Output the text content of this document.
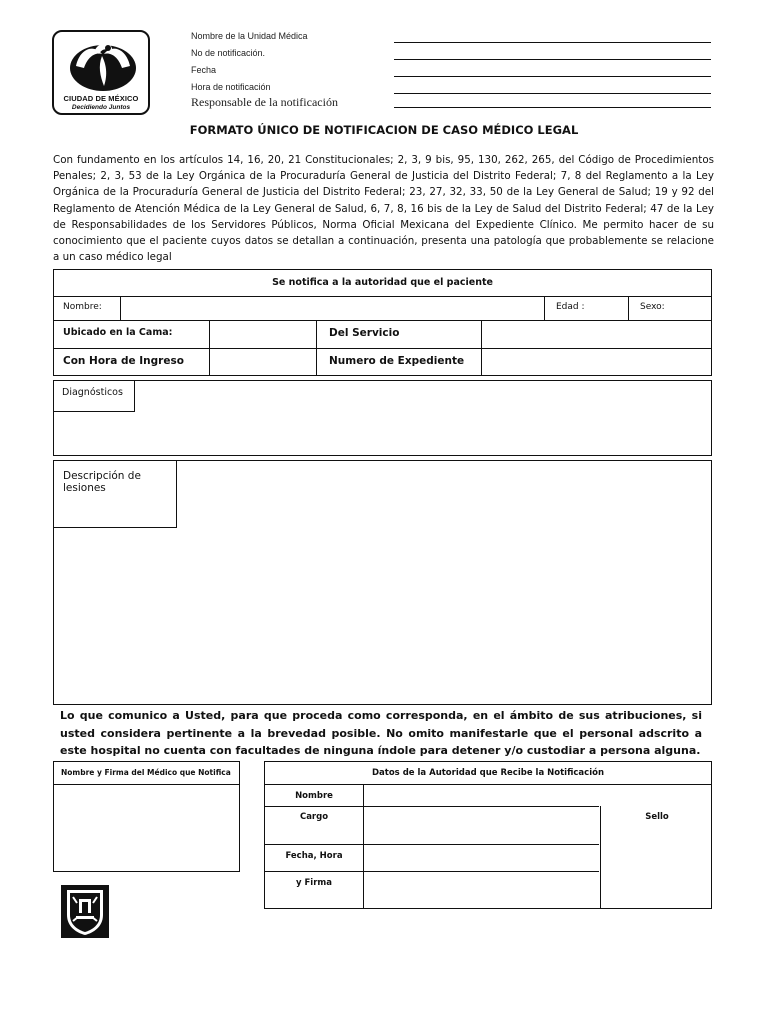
CIUDAD DE MÉXICO
Decidiendo Juntos
Nombre de la Unidad Médica
No de notificación.
Fecha
Hora de notificación
Responsable de la notificación
FORMATO ÚNICO DE NOTIFICACION DE CASO MÉDICO LEGAL
Con fundamento en los artículos 14, 16, 20, 21 Constitucionales; 2, 3, 9 bis, 95, 130, 262, 265, del Código de Procedimientos Penales; 2, 3, 53 de la Ley Orgánica de la Procuraduría General de Justicia del Distrito Federal; 7, 8 del Reglamento a la Ley Orgánica de la Procuraduría General de Justicia del Distrito Federal; 23, 27, 32, 33, 50 de la Ley General de Salud; 19 y 92 del Reglamento de Atención Médica de la Ley General de Salud, 6, 7, 8, 16 bis de la Ley de Salud del Distrito Federal; 47 de la Ley de Responsabilidades de los Servidores Públicos, Norma Oficial Mexicana del Expediente Clínico. Me permito hacer de su conocimiento que el paciente cuyos datos se detallan a continuación, presenta una patología que probablemente se relacione a un caso médico legal
Se notifica a la autoridad que el paciente
Nombre:	Edad :	Sexo:
Ubicado en la Cama:	Del Servicio
Con Hora de Ingreso	Numero de Expediente
Diagnósticos
Descripción de lesiones
Lo que comunico a Usted, para que proceda como corresponda, en el ámbito de sus atribuciones, si usted considera pertinente a la brevedad posible. No omito manifestarle que el personal adscrito a este hospital no cuenta con facultades de ninguna índole para detener y/o custodiar a persona alguna.
Nombre y Firma del Médico que Notifica	Datos de la Autoridad que Recibe la Notificación
Nombre
Cargo
Fecha, Hora
y Firma
Sello
